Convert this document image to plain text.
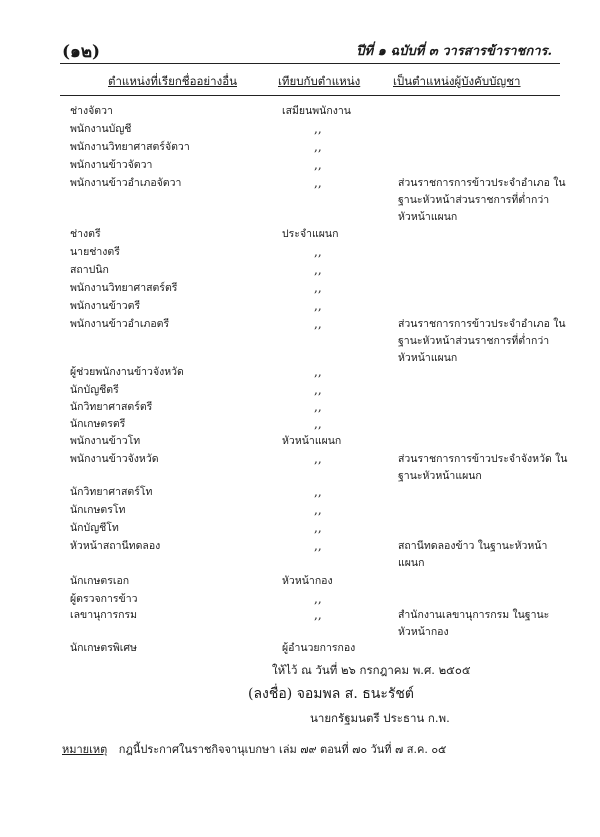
(๑๒)	ปีที่ ๑ ฉบับที่ ๓ วารสารข้าราชการ.
ตำแหน่งที่เรียกชื่ออย่างอื่น	เทียบกับตำแหน่ง	เป็นตำแหน่งผู้บังคับบัญชา
ช่างจัตวา	เสมียนพนักงาน
พนักงานบัญชี	,,
พนักงานวิทยาศาสตร์จัตวา	,,
พนักงานข้าวจัตวา	,,
พนักงานข้าวอำเภอจัตวา	,,	ส่วนราชการการข้าวประจำอำเภอ ในฐานะหัวหน้าส่วนราชการที่ต่ำกว่าหัวหน้าแผนก
ช่างตรี	ประจำแผนก
นายช่างตรี	,,
สถาปนิก	,,
พนักงานวิทยาศาสตร์ตรี	,,
พนักงานข้าวตรี	,,
พนักงานข้าวอำเภอตรี	,,	ส่วนราชการการข้าวประจำอำเภอ ในฐานะหัวหน้าส่วนราชการที่ต่ำกว่าหัวหน้าแผนก
ผู้ช่วยพนักงานข้าวจังหวัด	,,
นักบัญชีตรี	,,
นักวิทยาศาสตร์ตรี	,,
นักเกษตรตรี	,,
พนักงานข้าวโท	หัวหน้าแผนก
พนักงานข้าวจังหวัด	,,	ส่วนราชการการข้าวประจำจังหวัด ในฐานะหัวหน้าแผนก
นักวิทยาศาสตร์โท	,,
นักเกษตรโท	,,
นักบัญชีโท	,,
หัวหน้าสถานีทดลอง	,,	สถานีทดลองข้าว ในฐานะหัวหน้าแผนก
นักเกษตรเอก	หัวหน้ากอง
ผู้ตรวจการข้าว	,,
เลขานุการกรม	,,	สำนักงานเลขานุการกรม ในฐานะหัวหน้ากอง
นักเกษตรพิเศษ	ผู้อำนวยการกอง
ให้ไว้ ณ วันที่ ๒๖ กรกฎาคม พ.ศ. ๒๕๐๕
(ลงชื่อ) จอมพล ส. ธนะรัชต์
นายกรัฐมนตรี ประธาน ก.พ.
หมายเหตุ กฎนี้ประกาศในราชกิจจานุเบกษา เล่ม ๗๙ ตอนที่ ๗๐ วันที่ ๗ ส.ค. ๐๕
